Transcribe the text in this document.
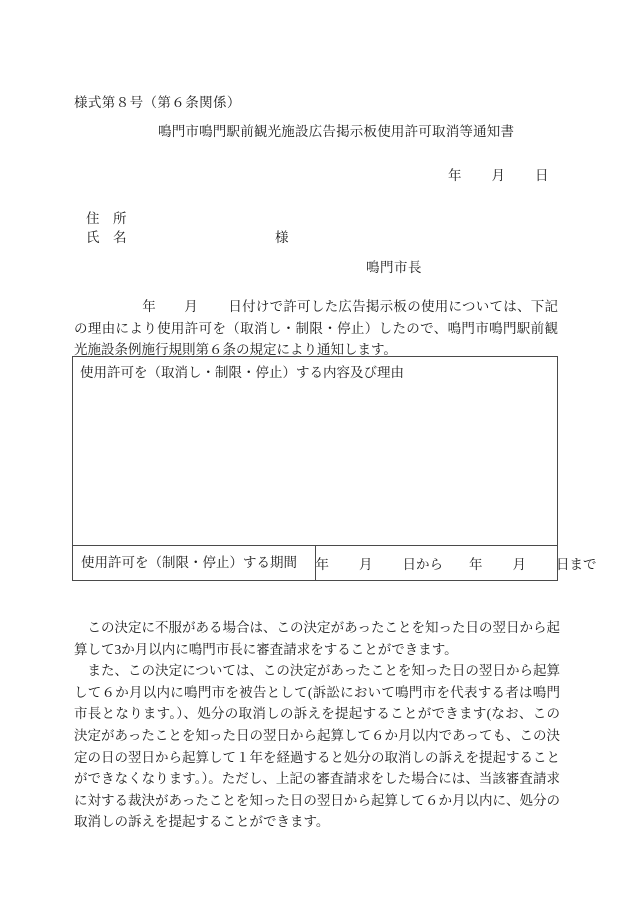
様式第８号（第６条関係）
鳴門市鳴門駅前観光施設広告掲示板使用許可取消等通知書
年 月 日
住　所
氏　名	様
鳴門市長
年 月 日付けで許可した広告掲示板の使用については、下記の理由により使用許可を（取消し・制限・停止）したので、鳴門市鳴門駅前観光施設条例施行規則第６条の規定により通知します。
使用許可を（取消し・制限・停止）する内容及び理由

使用許可を（制限・停止）する期間	年 月 日から 年 月 日まで

この決定に不服がある場合は、この決定があったことを知った日の翌日から起算して3か月以内に鳴門市長に審査請求をすることができます。

また、この決定については、この決定があったことを知った日の翌日から起算して６か月以内に鳴門市を被告として(訴訟において鳴門市を代表する者は鳴門市長となります。）、処分の取消しの訴えを提起することができます(なお、この決定があったことを知った日の翌日から起算して６か月以内であっても、この決定の日の翌日から起算して１年を経過すると処分の取消しの訴えを提起することができなくなります。）。ただし、上記の審査請求をした場合には、当該審査請求に対する裁決があったことを知った日の翌日から起算して６か月以内に、処分の取消しの訴えを提起することができます。
